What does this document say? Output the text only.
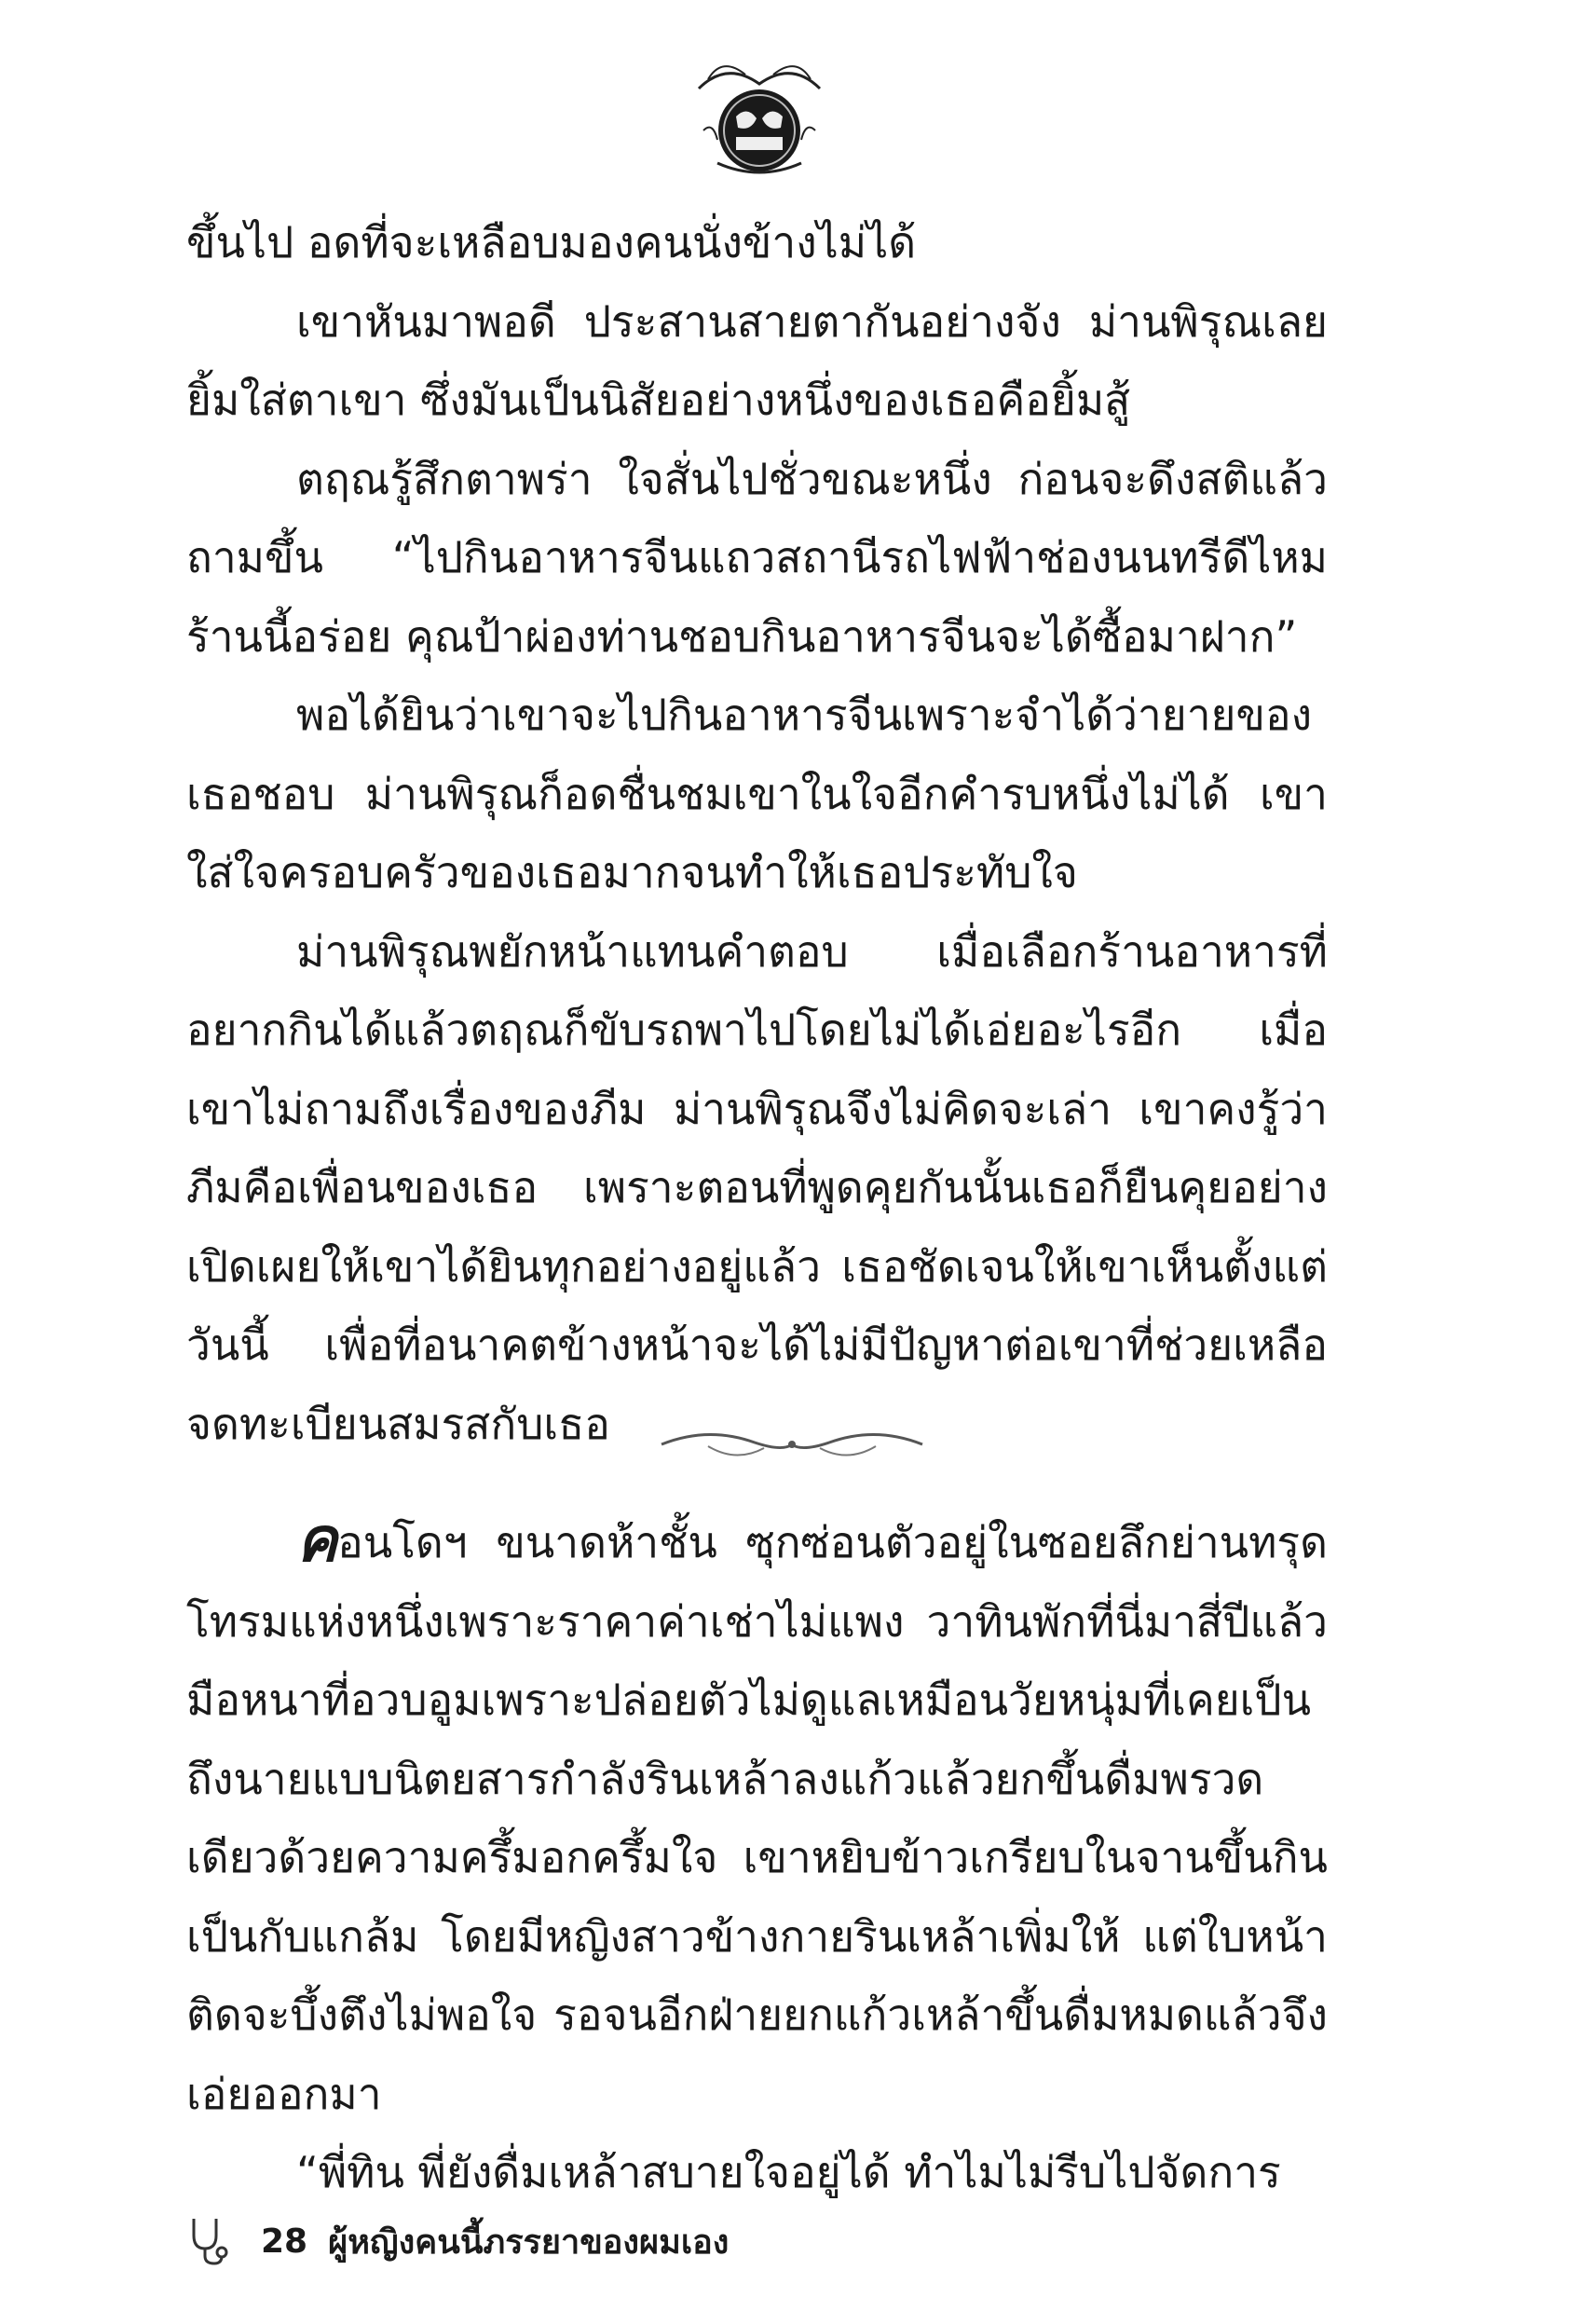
ขึ้นไป อดที่จะเหลือบมองคนนั่งข้างไม่ได้

เขาหันมาพอดี ประสานสายตากันอย่างจัง ม่านพิรุณเลยยิ้มใส่ตาเขา ซึ่งมันเป็นนิสัยอย่างหนึ่งของเธอคือยิ้มสู้

ตฤณรู้สึกตาพร่า ใจสั่นไปชั่วขณะหนึ่ง ก่อนจะดึงสติแล้วถามขึ้น “ไปกินอาหารจีนแถวสถานีรถไฟฟ้าช่องนนทรีดีไหม ร้านนี้อร่อย คุณป้าผ่องท่านชอบกินอาหารจีนจะได้ซื้อมาฝาก”

พอได้ยินว่าเขาจะไปกินอาหารจีนเพราะจำได้ว่ายายของเธอชอบ ม่านพิรุณก็อดชื่นชมเขาในใจอีกคำรบหนึ่งไม่ได้ เขาใส่ใจครอบครัวของเธอมากจนทำให้เธอประทับใจ

ม่านพิรุณพยักหน้าแทนคำตอบ เมื่อเลือกร้านอาหารที่อยากกินได้แล้วตฤณก็ขับรถพาไปโดยไม่ได้เอ่ยอะไรอีก เมื่อเขาไม่ถามถึงเรื่องของภีม ม่านพิรุณจึงไม่คิดจะเล่า เขาคงรู้ว่าภีมคือเพื่อนของเธอ เพราะตอนที่พูดคุยกันนั้นเธอก็ยืนคุยอย่างเปิดเผยให้เขาได้ยินทุกอย่างอยู่แล้ว เธอชัดเจนให้เขาเห็นตั้งแต่วันนี้ เพื่อที่อนาคตข้างหน้าจะได้ไม่มีปัญหาต่อเขาที่ช่วยเหลือจดทะเบียนสมรสกับเธอ

คอนโดฯ ขนาดห้าชั้น ซุกซ่อนตัวอยู่ในซอยลึกย่านทรุดโทรมแห่งหนึ่งเพราะราคาค่าเช่าไม่แพง วาทินพักที่นี่มาสี่ปีแล้ว มือหนาที่อวบอูมเพราะปล่อยตัวไม่ดูแลเหมือนวัยหนุ่มที่เคยเป็นถึงนายแบบนิตยสารกำลังรินเหล้าลงแก้วแล้วยกขึ้นดื่มพรวดเดียวด้วยความครึ้มอกครึ้มใจ เขาหยิบข้าวเกรียบในจานขึ้นกินเป็นกับแกล้ม โดยมีหญิงสาวข้างกายรินเหล้าเพิ่มให้ แต่ใบหน้าติดจะบึ้งตึงไม่พอใจ รอจนอีกฝ่ายยกแก้วเหล้าขึ้นดื่มหมดแล้วจึงเอ่ยออกมา

“พี่ทิน พี่ยังดื่มเหล้าสบายใจอยู่ได้ ทำไมไม่รีบไปจัดการ

28 ผู้หญิงคนนี้ภรรยาของผมเอง
